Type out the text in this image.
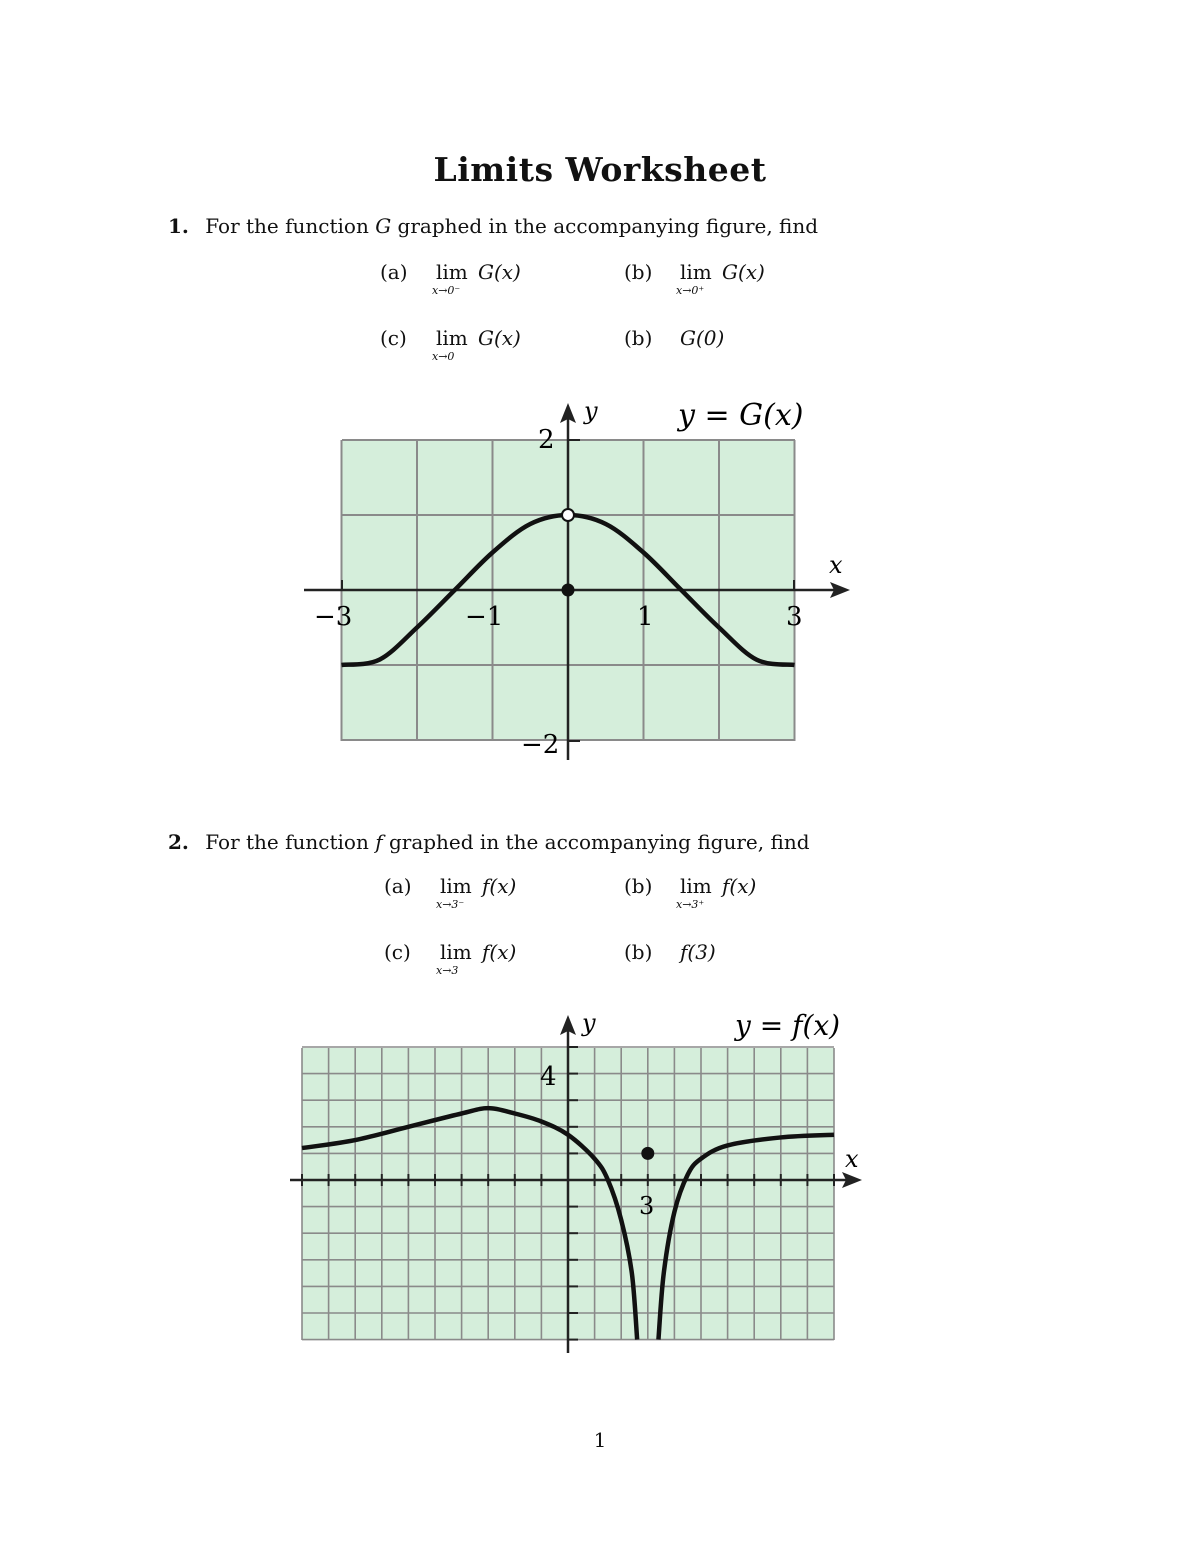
Limits Worksheet
1. For the function G graphed in the accompanying figure, find
(a) lim
x→0⁻
G(x)	(b) lim
x→0⁺
G(x)
(c) lim
x→0
G(x)	(b) G(0)
2
−2
−3	−1	1	3
y
x
y = G(x)
2. For the function f graphed in the accompanying figure, find
(a) lim
x→3⁻
f(x)	(b) lim
x→3⁺
f(x)
(c) lim
x→3
f(x)	(b) f(3)
4
3
y
x
y = f(x)
1
